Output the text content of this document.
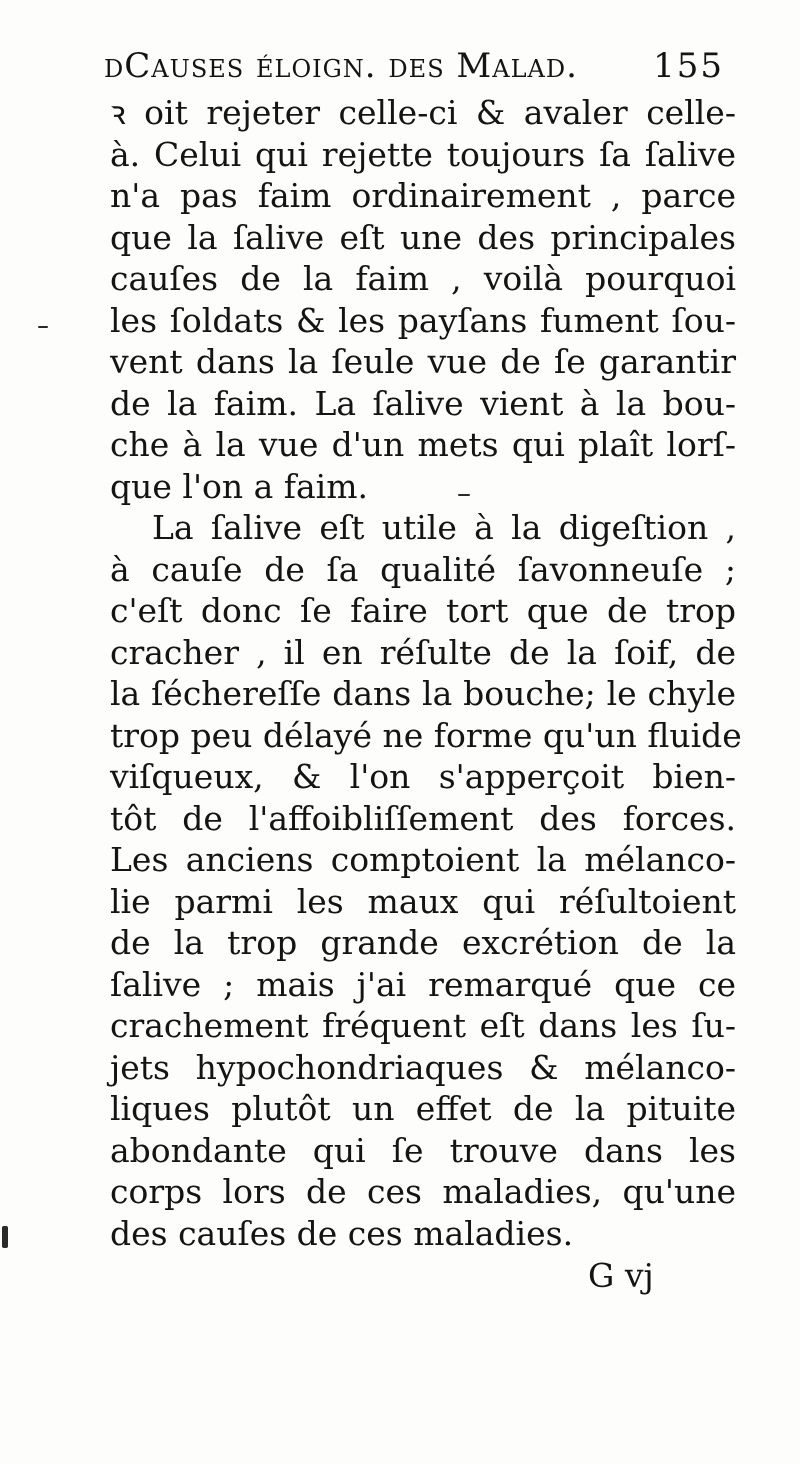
dCauses éloign. des Malad. 155
ꝛ oit rejeter celle-ci & avaler celle-
à. Celui qui rejette toujours ſa ſalive
n'a pas faim ordinairement , parce
que la ſalive eſt une des principales
cauſes de la faim , voilà pourquoi
les ſoldats & les payſans fument ſou-
vent dans la ſeule vue de ſe garantir
de la faim. La ſalive vient à la bou-
che à la vue d'un mets qui plaît lorſ-
que l'on a faim.
La ſalive eſt utile à la digeſtion ,
à cauſe de ſa qualité ſavonneuſe ;
c'eſt donc ſe faire tort que de trop
cracher , il en réſulte de la ſoif, de
la ſéchereſſe dans la bouche; le chyle
trop peu délayé ne forme qu'un fluide
viſqueux, & l'on s'apperçoit bien-
tôt de l'affoibliſſement des forces.
Les anciens comptoient la mélanco-
lie parmi les maux qui réſultoient
de la trop grande excrétion de la
ſalive ; mais j'ai remarqué que ce
crachement fréquent eſt dans les ſu-
jets hypochondriaques & mélanco-
liques plutôt un effet de la pituite
abondante qui ſe trouve dans les
corps lors de ces maladies, qu'une
des cauſes de ces maladies.
G vj
